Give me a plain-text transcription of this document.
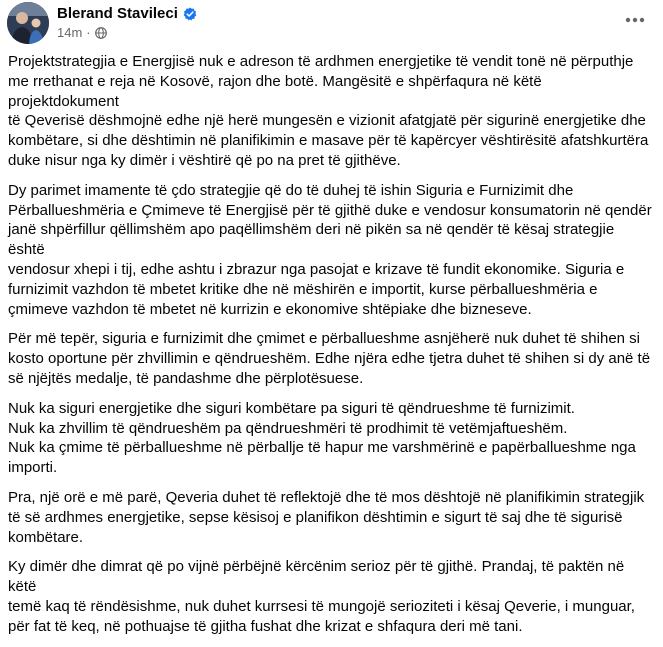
Blerand Stavileci
14m ·

Projektstrategjia e Energjisë nuk e adreson të ardhmen energjetike të vendit tonë në përputhje
me rrethanat e reja në Kosovë, rajon dhe botë. Mangësitë e shpërfaqura në këtë projektdokument
të Qeverisë dëshmojnë edhe një herë mungesën e vizionit afatgjatë për sigurinë energjetike dhe
kombëtare, si dhe dështimin në planifikimin e masave për të kapërcyer vështirësitë afatshkurtëra
duke nisur nga ky dimër i vështirë që po na pret të gjithëve.

Dy parimet imamente të çdo strategjie që do të duhej të ishin Siguria e Furnizimit dhe
Përballueshmëria e Çmimeve të Energjisë për të gjithë duke e vendosur konsumatorin në qendër
janë shpërfillur qëllimshëm apo paqëllimshëm deri në pikën sa në qendër të kësaj strategjie është
vendosur xhepi i tij, edhe ashtu i zbrazur nga pasojat e krizave të fundit ekonomike. Siguria e
furnizimit vazhdon të mbetet kritike dhe në mëshirën e importit, kurse përballueshmëria e
çmimeve vazhdon të mbetet në kurrizin e ekonomive shtëpiake dhe bizneseve.

Për më tepër, siguria e furnizimit dhe çmimet e përballueshme asnjëherë nuk duhet të shihen si
kosto oportune për zhvillimin e qëndrueshëm. Edhe njëra edhe tjetra duhet të shihen si dy anë të
së njëjtës medalje, të pandashme dhe përplotësuese.

Nuk ka siguri energjetike dhe siguri kombëtare pa siguri të qëndrueshme të furnizimit.
Nuk ka zhvillim të qëndrueshëm pa qëndrueshmëri të prodhimit të vetëmjaftueshëm.
Nuk ka çmime të përballueshme në përballje të hapur me varshmërinë e papërballueshme nga
importi.

Pra, një orë e më parë, Qeveria duhet të reflektojë dhe të mos dështojë në planifikimin strategjik
të së ardhmes energjetike, sepse kësisoj e planifikon dështimin e sigurt të saj dhe të sigurisë
kombëtare.

Ky dimër dhe dimrat që po vijnë përbëjnë kërcënim serioz për të gjithë. Prandaj, të paktën në këtë
temë kaq të rëndësishme, nuk duhet kurrsesi të mungojë serioziteti i kësaj Qeverie, i munguar,
për fat të keq, në pothuajse të gjitha fushat dhe krizat e shfaqura deri më tani.
